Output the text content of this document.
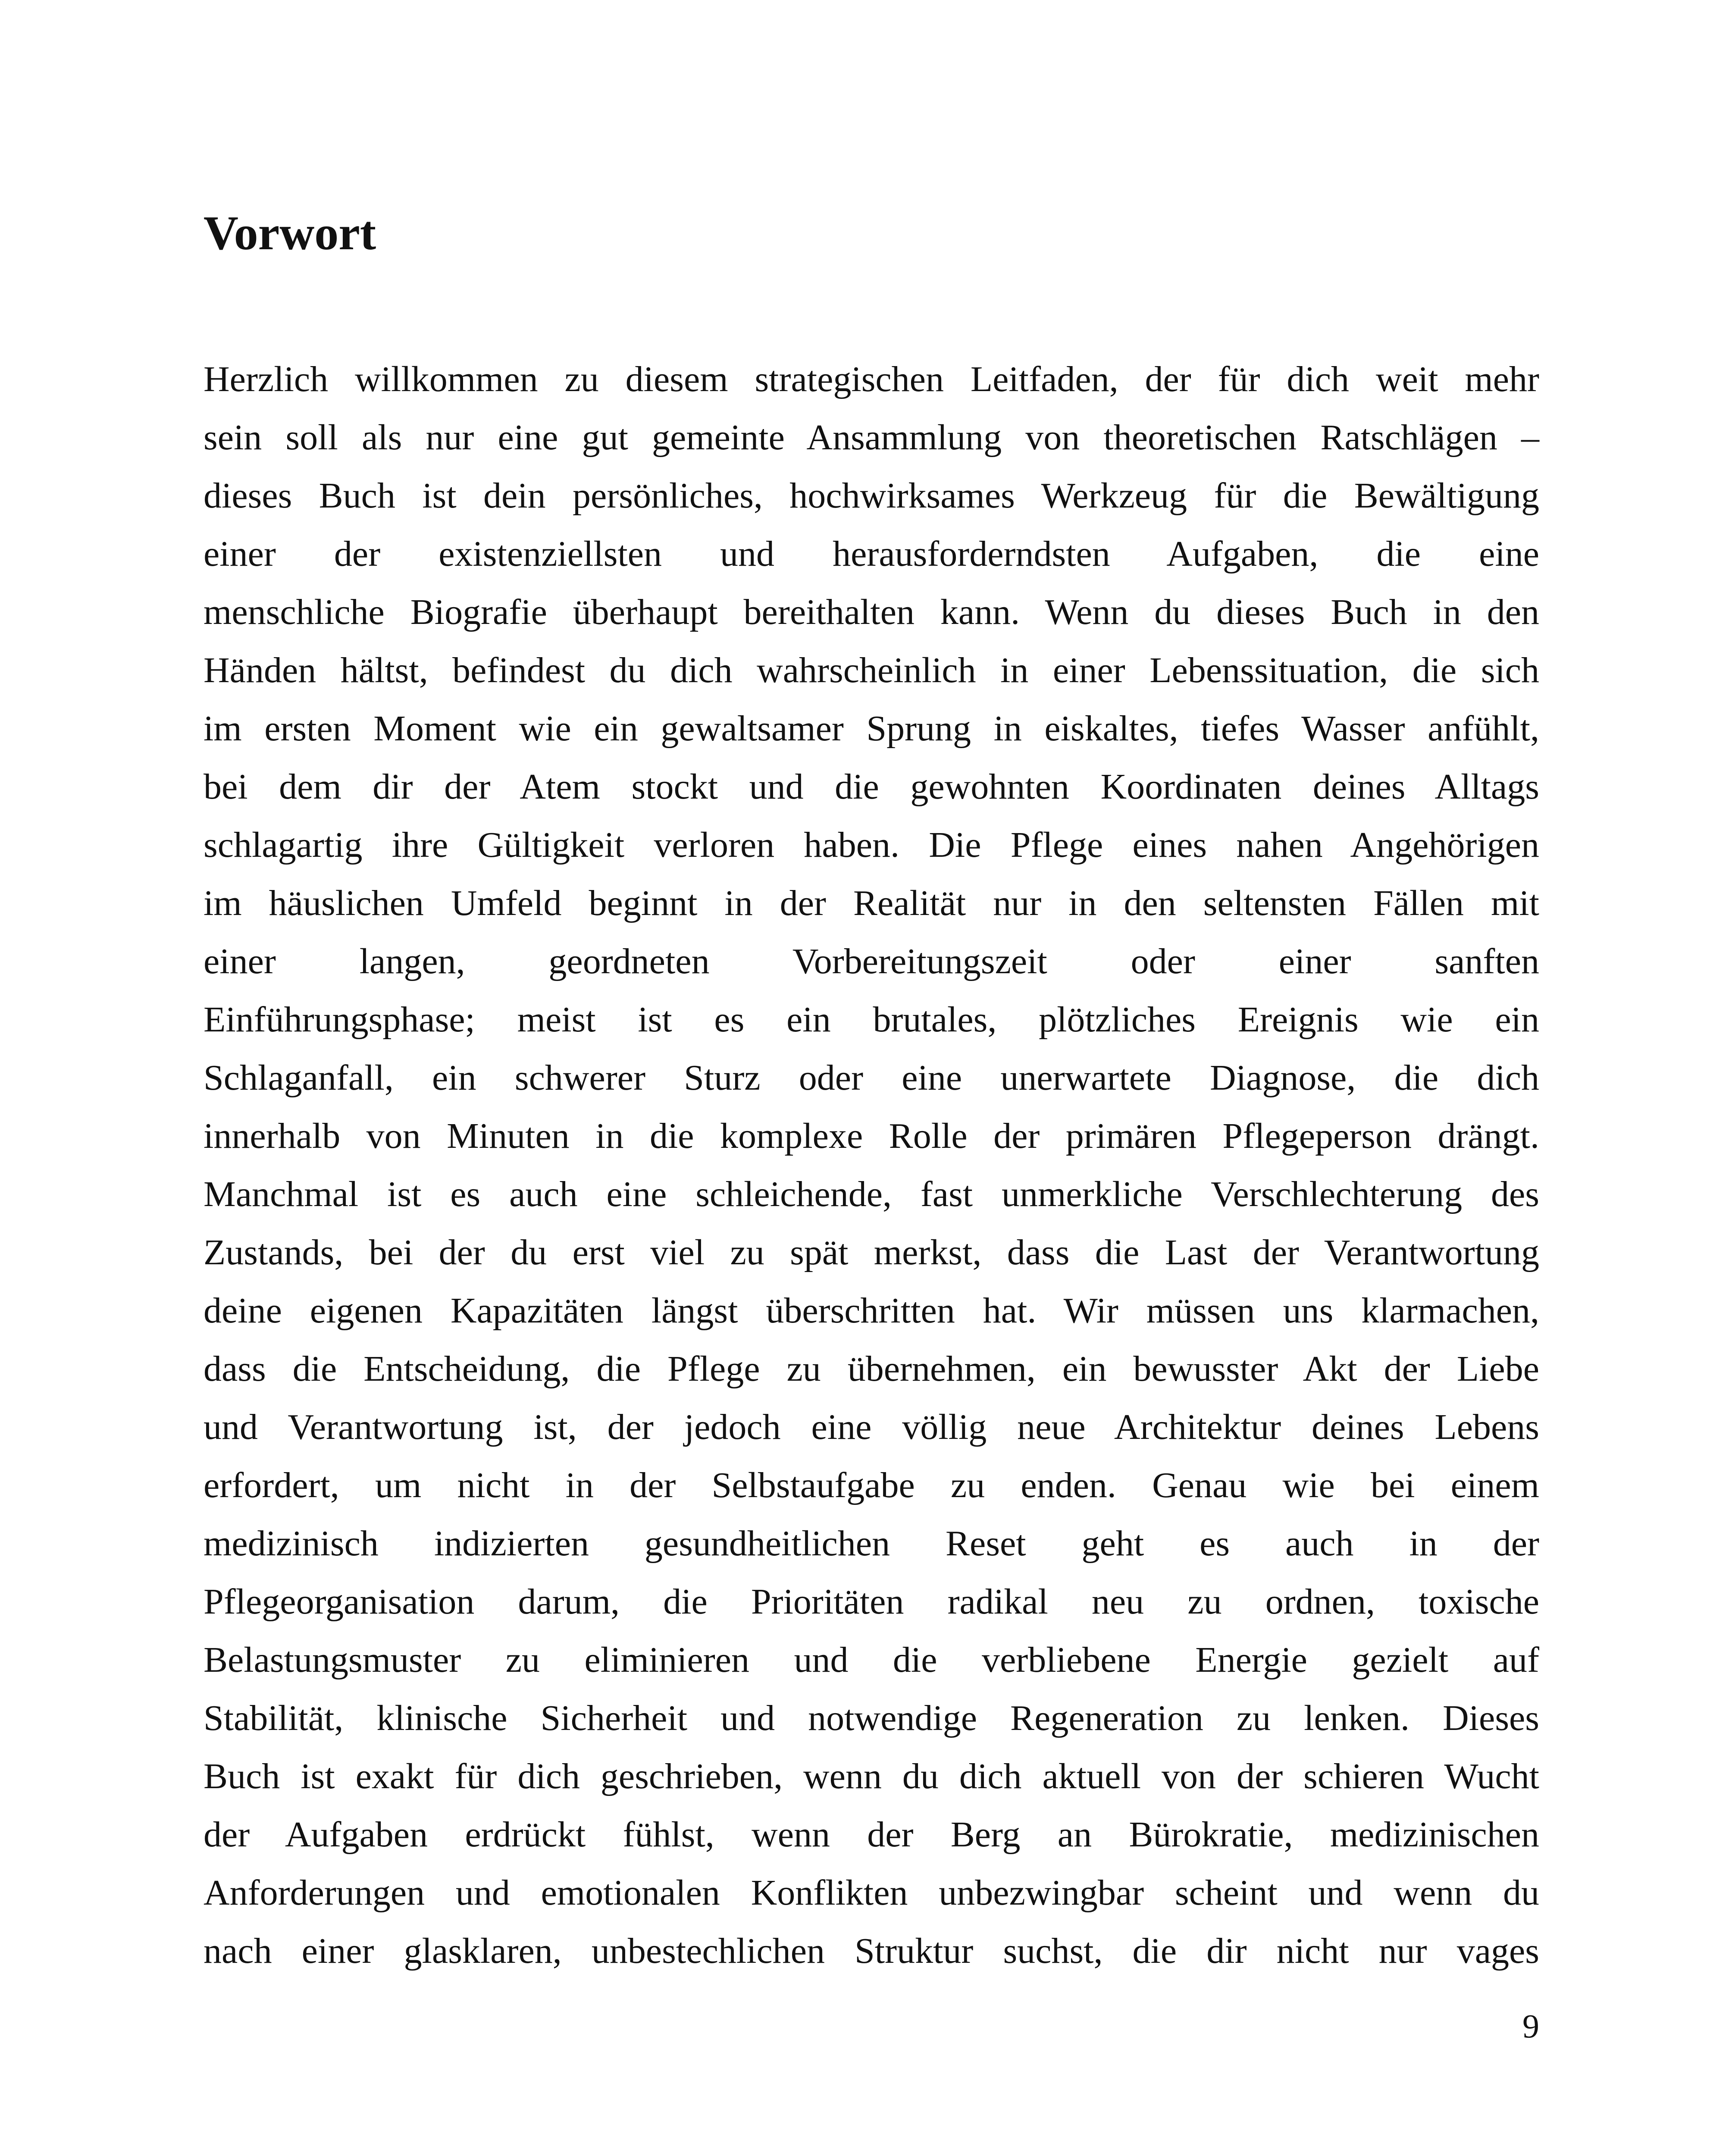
Vorwort
Herzlich willkommen zu diesem strategischen Leitfaden, der für dich weit mehr
sein soll als nur eine gut gemeinte Ansammlung von theoretischen Ratschlägen –
dieses Buch ist dein persönliches, hochwirksames Werkzeug für die Bewältigung
einer der existenziellsten und herausforderndsten Aufgaben, die eine
menschliche Biografie überhaupt bereithalten kann. Wenn du dieses Buch in den
Händen hältst, befindest du dich wahrscheinlich in einer Lebenssituation, die sich
im ersten Moment wie ein gewaltsamer Sprung in eiskaltes, tiefes Wasser anfühlt,
bei dem dir der Atem stockt und die gewohnten Koordinaten deines Alltags
schlagartig ihre Gültigkeit verloren haben. Die Pflege eines nahen Angehörigen
im häuslichen Umfeld beginnt in der Realität nur in den seltensten Fällen mit
einer langen, geordneten Vorbereitungszeit oder einer sanften
Einführungsphase; meist ist es ein brutales, plötzliches Ereignis wie ein
Schlaganfall, ein schwerer Sturz oder eine unerwartete Diagnose, die dich
innerhalb von Minuten in die komplexe Rolle der primären Pflegeperson drängt.
Manchmal ist es auch eine schleichende, fast unmerkliche Verschlechterung des
Zustands, bei der du erst viel zu spät merkst, dass die Last der Verantwortung
deine eigenen Kapazitäten längst überschritten hat. Wir müssen uns klarmachen,
dass die Entscheidung, die Pflege zu übernehmen, ein bewusster Akt der Liebe
und Verantwortung ist, der jedoch eine völlig neue Architektur deines Lebens
erfordert, um nicht in der Selbstaufgabe zu enden. Genau wie bei einem
medizinisch indizierten gesundheitlichen Reset geht es auch in der
Pflegeorganisation darum, die Prioritäten radikal neu zu ordnen, toxische
Belastungsmuster zu eliminieren und die verbliebene Energie gezielt auf
Stabilität, klinische Sicherheit und notwendige Regeneration zu lenken. Dieses
Buch ist exakt für dich geschrieben, wenn du dich aktuell von der schieren Wucht
der Aufgaben erdrückt fühlst, wenn der Berg an Bürokratie, medizinischen
Anforderungen und emotionalen Konflikten unbezwingbar scheint und wenn du
nach einer glasklaren, unbestechlichen Struktur suchst, die dir nicht nur vages
9
